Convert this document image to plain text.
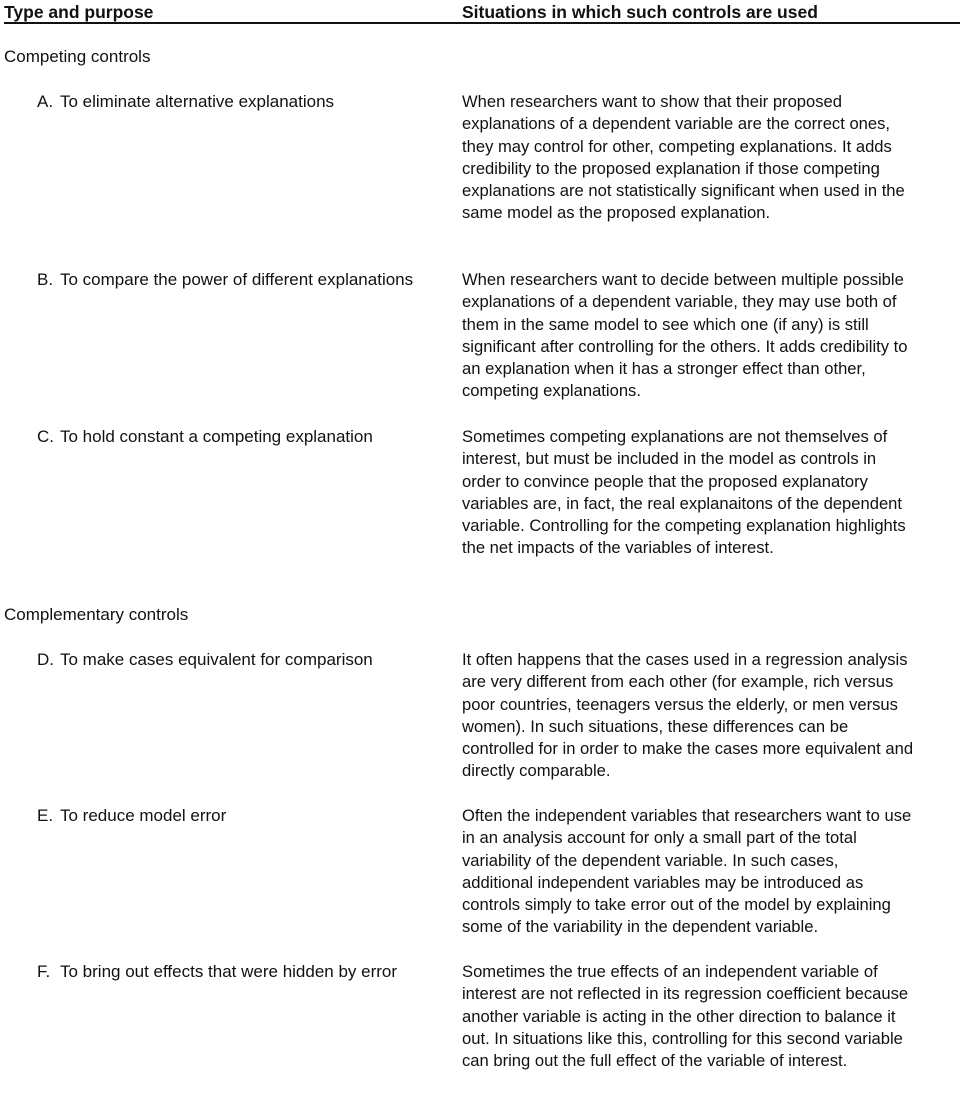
Type and purpose	Situations in which such controls are used
Competing controls
A. To eliminate alternative explanations	When researchers want to show that their proposed
explanations of a dependent variable are the correct ones,
they may control for other, competing explanations. It adds
credibility to the proposed explanation if those competing
explanations are not statistically significant when used in the
same model as the proposed explanation.
B. To compare the power of different explanations	When researchers want to decide between multiple possible
explanations of a dependent variable, they may use both of
them in the same model to see which one (if any) is still
significant after controlling for the others. It adds credibility to
an explanation when it has a stronger effect than other,
competing explanations.
C. To hold constant a competing explanation	Sometimes competing explanations are not themselves of
interest, but must be included in the model as controls in
order to convince people that the proposed explanatory
variables are, in fact, the real explanaitons of the dependent
variable. Controlling for the competing explanation highlights
the net impacts of the variables of interest.
Complementary controls
D. To make cases equivalent for comparison	It often happens that the cases used in a regression analysis
are very different from each other (for example, rich versus
poor countries, teenagers versus the elderly, or men versus
women). In such situations, these differences can be
controlled for in order to make the cases more equivalent and
directly comparable.
E. To reduce model error	Often the independent variables that researchers want to use
in an analysis account for only a small part of the total
variability of the dependent variable. In such cases,
additional independent variables may be introduced as
controls simply to take error out of the model by explaining
some of the variability in the dependent variable.
F. To bring out effects that were hidden by error	Sometimes the true effects of an independent variable of
interest are not reflected in its regression coefficient because
another variable is acting in the other direction to balance it
out. In situations like this, controlling for this second variable
can bring out the full effect of the variable of interest.
